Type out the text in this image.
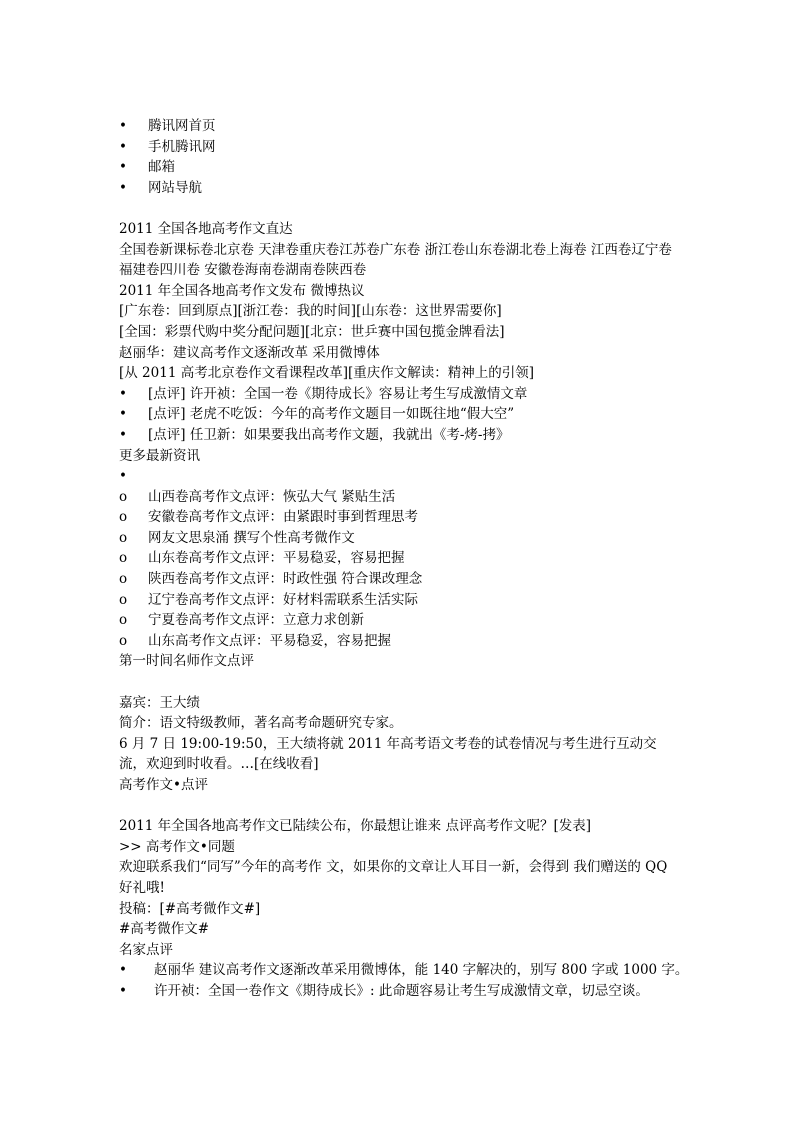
• 腾讯网首页
• 手机腾讯网
• 邮箱
• 网站导航
2011 全国各地高考作文直达
全国卷新课标卷北京卷 天津卷重庆卷江苏卷广东卷 浙江卷山东卷湖北卷上海卷 江西卷辽宁卷福建卷四川卷 安徽卷海南卷湖南卷陕西卷
2011 年全国各地高考作文发布 微博热议
[广东卷：回到原点][浙江卷：我的时间][山东卷：这世界需要你]
[全国：彩票代购中奖分配问题][北京：世乒赛中国包揽金牌看法]
赵丽华：建议高考作文逐渐改革 采用微博体
[从 2011 高考北京卷作文看课程改革][重庆作文解读：精神上的引领]
• [点评] 许开祯：全国一卷《期待成长》容易让考生写成激情文章
• [点评] 老虎不吃饭：今年的高考作文题目一如既往地“假大空”
• [点评] 任卫新：如果要我出高考作文题，我就出《考-烤-拷》
更多最新资讯
•
o 山西卷高考作文点评：恢弘大气 紧贴生活
o 安徽卷高考作文点评：由紧跟时事到哲理思考
o 网友文思泉涌 撰写个性高考微作文
o 山东卷高考作文点评：平易稳妥，容易把握
o 陕西卷高考作文点评：时政性强 符合课改理念
o 辽宁卷高考作文点评：好材料需联系生活实际
o 宁夏卷高考作文点评：立意力求创新
o 山东高考作文点评：平易稳妥，容易把握
第一时间名师作文点评
嘉宾：王大绩
简介：语文特级教师，著名高考命题研究专家。
6 月 7 日 19:00-19:50，王大绩将就 2011 年高考语文考卷的试卷情况与考生进行互动交流，欢迎到时收看。…[在线收看]
高考作文•点评
2011 年全国各地高考作文已陆续公布，你最想让谁来 点评高考作文呢？[发表]
>> 高考作文•同题
欢迎联系我们“同写”今年的高考作 文，如果你的文章让人耳目一新，会得到 我们赠送的 QQ 好礼哦!
投稿：[#高考微作文#]
#高考微作文#
名家点评
• 赵丽华 建议高考作文逐渐改革采用微博体，能 140 字解决的，别写 800 字或 1000 字。
• 许开祯：全国一卷作文《期待成长》: 此命题容易让考生写成激情文章，切忌空谈。
